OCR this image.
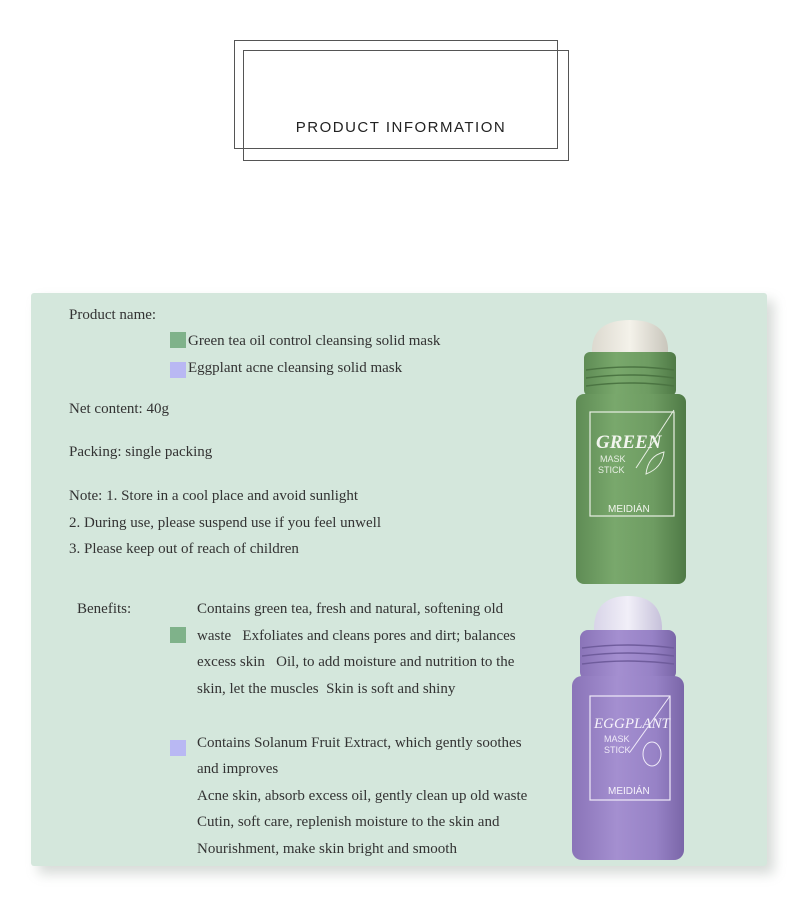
PRODUCT INFORMATION
Product name:
Green tea oil control cleansing solid mask
Eggplant acne cleansing solid mask
Net content: 40g
Packing: single packing
Note: 1. Store in a cool place and avoid sunlight
2. During use, please suspend use if you feel unwell
3. Please keep out of reach of children
Benefits:	Contains green tea, fresh and natural, softening old
waste   Exfoliates and cleans pores and dirt; balances
excess skin   Oil, to add moisture and nutrition to the
skin, let the muscles  Skin is soft and shiny
Contains Solanum Fruit Extract, which gently soothes
and improves
Acne skin, absorb excess oil, gently clean up old waste
Cutin, soft care, replenish moisture to the skin and
Nourishment, make skin bright and smooth
GREEN
MASK
STICK
MEIDIÁN
EGGPLANT
MASK
STICK
MEIDIÁN
